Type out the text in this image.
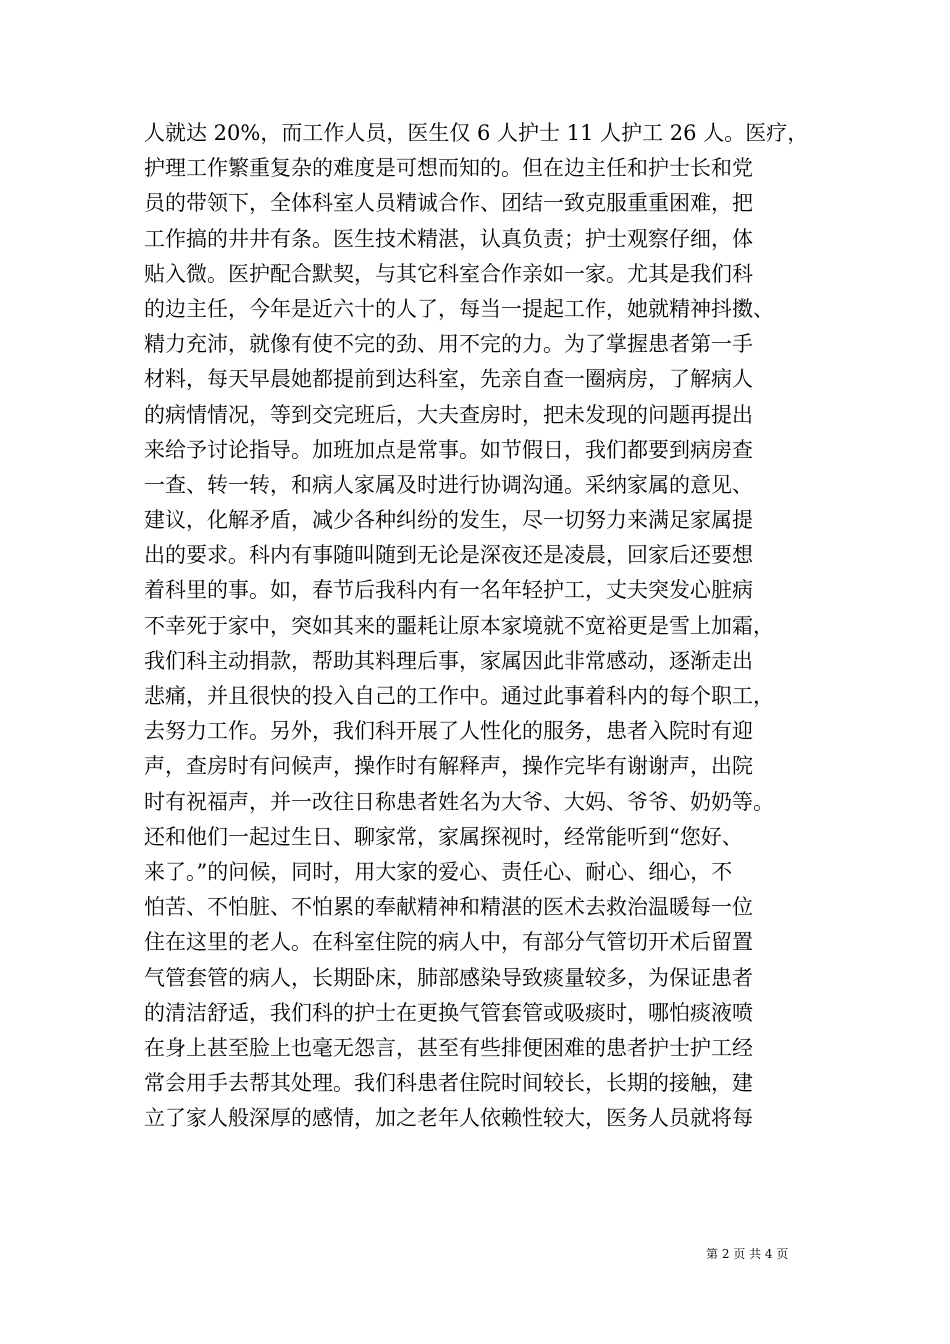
人就达 20%，而工作人员，医生仅 6 人护士 11 人护工 26 人。医疗，
护理工作繁重复杂的难度是可想而知的。但在边主任和护士长和党
员的带领下，全体科室人员精诚合作、团结一致克服重重困难，把
工作搞的井井有条。医生技术精湛，认真负责；护士观察仔细，体
贴入微。医护配合默契，与其它科室合作亲如一家。尤其是我们科
的边主任，今年是近六十的人了，每当一提起工作，她就精神抖擞、
精力充沛，就像有使不完的劲、用不完的力。为了掌握患者第一手
材料，每天早晨她都提前到达科室，先亲自查一圈病房，了解病人
的病情情况，等到交完班后，大夫查房时，把未发现的问题再提出
来给予讨论指导。加班加点是常事。如节假日，我们都要到病房查
一查、转一转，和病人家属及时进行协调沟通。采纳家属的意见、
建议，化解矛盾，减少各种纠纷的发生，尽一切努力来满足家属提
出的要求。科内有事随叫随到无论是深夜还是凌晨，回家后还要想
着科里的事。如，春节后我科内有一名年轻护工，丈夫突发心脏病
不幸死于家中，突如其来的噩耗让原本家境就不宽裕更是雪上加霜，
我们科主动捐款，帮助其料理后事，家属因此非常感动，逐渐走出
悲痛，并且很快的投入自己的工作中。通过此事着科内的每个职工，
去努力工作。另外，我们科开展了人性化的服务，患者入院时有迎
声，查房时有问候声，操作时有解释声，操作完毕有谢谢声，出院
时有祝福声，并一改往日称患者姓名为大爷、大妈、爷爷、奶奶等。
还和他们一起过生日、聊家常，家属探视时，经常能听到“您好、
来了。”的问候，同时，用大家的爱心、责任心、耐心、细心，不
怕苦、不怕脏、不怕累的奉献精神和精湛的医术去救治温暖每一位
住在这里的老人。在科室住院的病人中，有部分气管切开术后留置
气管套管的病人，长期卧床，肺部感染导致痰量较多，为保证患者
的清洁舒适，我们科的护士在更换气管套管或吸痰时，哪怕痰液喷
在身上甚至脸上也毫无怨言，甚至有些排便困难的患者护士护工经
常会用手去帮其处理。我们科患者住院时间较长，长期的接触，建
立了家人般深厚的感情，加之老年人依赖性较大，医务人员就将每
第 2 页 共 4 页
